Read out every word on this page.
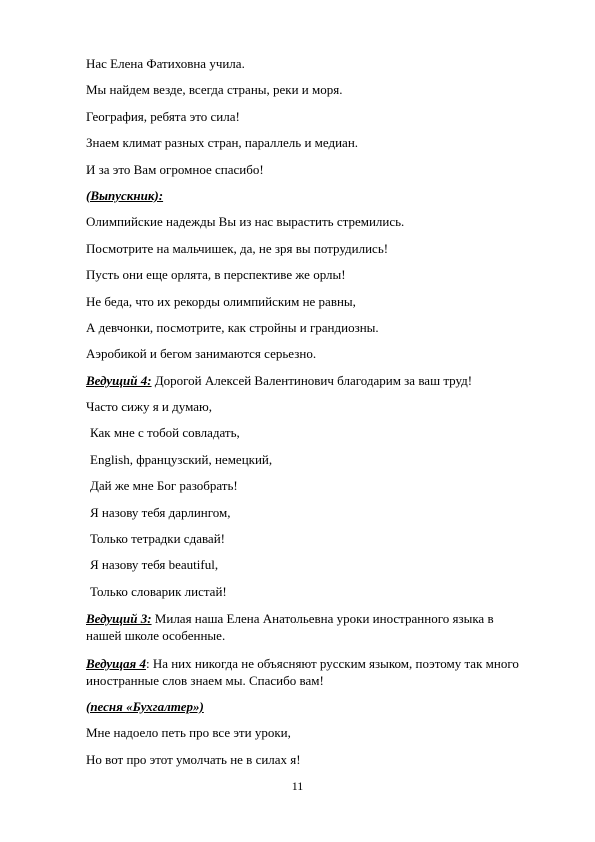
Нас Елена Фатиховна учила.

Мы найдем везде, всегда страны, реки и моря.

География, ребята это сила!

Знаем климат разных стран, параллель и медиан.

И за это Вам огромное спасибо!

(Выпускник):

Олимпийские надежды Вы из нас вырастить стремились.

Посмотрите на мальчишек, да, не зря вы потрудились!

Пусть они еще орлята, в перспективе же орлы!

Не беда, что их рекорды олимпийским не равны,

А девчонки, посмотрите, как стройны и грандиозны.

Аэробикой и бегом занимаются серьезно.

Ведущий 4: Дорогой Алексей Валентинович благодарим за ваш труд!

Часто сижу я и думаю,

Как мне с тобой совладать,

English, французский, немецкий,

Дай же мне Бог разобрать!

Я назову тебя дарлингом,

Только тетрадки сдавай!

Я назову тебя beautiful,

Только словарик листай!

Ведущий 3: Милая наша Елена Анатольевна уроки иностранного языка в нашей школе особенные.

Ведущая 4: На них никогда не объясняют русским языком, поэтому так много иностранные слов знаем мы. Спасибо вам!

(песня «Бухгалтер»)

Мне надоело петь про все эти уроки,

Но вот про этот умолчать не в силах я!

11
